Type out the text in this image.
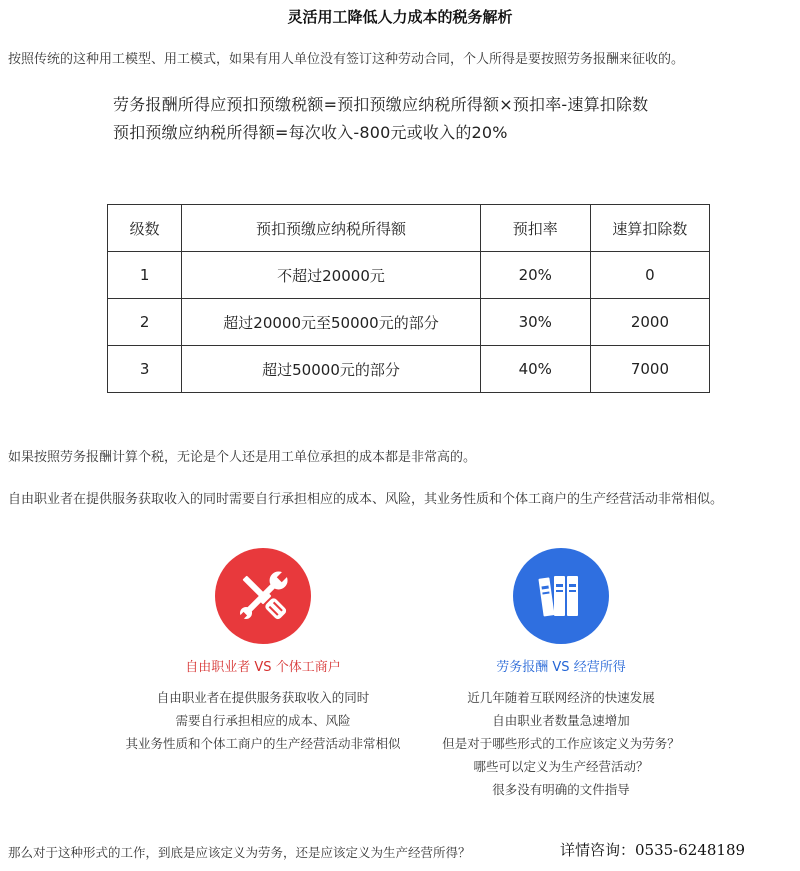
灵活用工降低人力成本的税务解析
按照传统的这种用工模型、用工模式，如果有用人单位没有签订这种劳动合同，个人所得是要按照劳务报酬来征收的。
劳务报酬所得应预扣预缴税额=预扣预缴应纳税所得额×预扣率-速算扣除数
预扣预缴应纳税所得额=每次收入-800元或收入的20%
级数	预扣预缴应纳税所得额	预扣率	速算扣除数
1	不超过20000元	20%	0
2	超过20000元至50000元的部分	30%	2000
3	超过50000元的部分	40%	7000
如果按照劳务报酬计算个税，无论是个人还是用工单位承担的成本都是非常高的。
自由职业者在提供服务获取收入的同时需要自行承担相应的成本、风险，其业务性质和个体工商户的生产经营活动非常相似。
自由职业者 VS 个体工商户
自由职业者在提供服务获取收入的同时
需要自行承担相应的成本、风险
其业务性质和个体工商户的生产经营活动非常相似
劳务报酬 VS 经营所得
近几年随着互联网经济的快速发展
自由职业者数量急速增加
但是对于哪些形式的工作应该定义为劳务？
哪些可以定义为生产经营活动？
很多没有明确的文件指导
那么对于这种形式的工作，到底是应该定义为劳务，还是应该定义为生产经营所得？	详情咨询：0535-6248189
